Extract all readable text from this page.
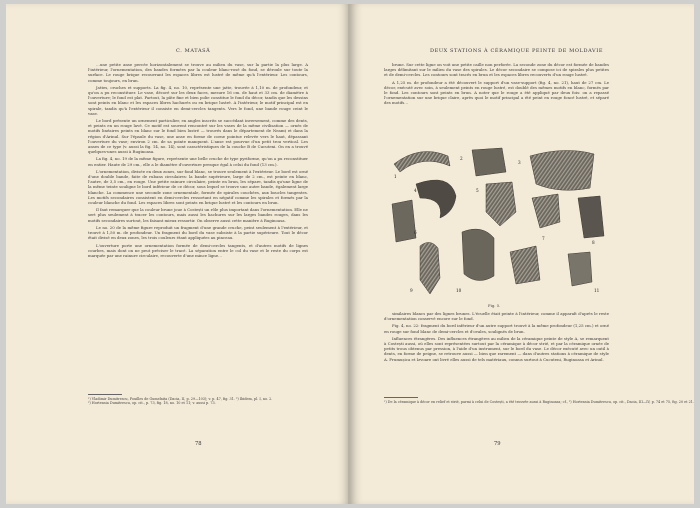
C. MATASĂ

…une petite anse percée horizontalement se trouve au milieu du vase, sur la partie la plus large. A l'intérieur, l'ornementation, des bandes formées par la couleur blanc-rosé du fond, se déroule sur toute la surface. Le rouge brique recouvrant les espaces libres est lustré de même qu'à l'extérieur. Les contours, comme toujours, en brun.

Jattes, cruches et supports. La fig. 4, no. 10, représente une jatte, trouvée à 1,10 m. de profondeur, et qu'on a pu reconstituer. Le vase, décoré sur les deux faces, mesure 16 cm. de haut et 33 cm. de diamètre à l'ouverture; le fond est plat. Partout, la pâte fine et bien polie constitue le fond du décor, tandis que les dessins sont peints en blanc et les espaces libres hachurés ou en brique lustré. A l'intérieur, le motif principal est en spirale, tandis qu'à l'extérieur il consiste en demi-cercles tangents. Vers le fond, une bande rouge ceint le vase.

Le bord présente un ornement particulier, en angles inscrits se succédant inversement, comme des dents, et peints en un rouge lavé. Ce motif est souvent rencontré sur les vases de la même civilisation — ornés de motifs linéaires peints en blanc sur le fond bien lustré — trouvés dans le département de Neamț et dans la région d'Arinul. Sur l'épaule du vase, une anse en forme de corne pointue relevée vers le haut, dépassant l'ouverture du vase; environ 2 cm. de sa pointe manquent. L'anse est pourvue d'un petit trou vertical. Les anses de ce type (v. aussi la fig. 14, no. 14), sont caractéristiques de la couche B de Cucuteni. On en a trouvé quelques-unes aussi à Ruginoasa.

La fig. 4, no. 19 de la même figure, représente une belle cruche de type pyriforme, qu'on a pu reconstituer en entier. Haute de 29 cm., elle a le diamètre d'ouverture presque égal à celui du fond (13 cm.).

L'ornementation, divisée en deux zones, sur fond blanc, se trouve seulement à l'extérieur. Le bord est orné d'une double bande, faite de rubans circulaires: la bande supérieure, large de 2 cm., est peinte en blanc, l'autre, de 3,5 cm., en rouge. Une petite rainure circulaire, peinte en brun, les sépare, tandis qu'une ligne de la même teinte souligne le bord inférieur de ce décor, sous lequel se trouve une autre bande, également large blanche. La commence une seconde zone ornementale, formée de spirales couchées, aux boucles tangentes. Les motifs secondaires consistent en demi-cercles ressortant en négatif comme les spirales et formés par la couleur blanche du fond. Les espaces libres sont peints en brique lustré et les contours en brun.

Il faut remarquer que la couleur brune joue à Costești un rôle plus important dans l'ornementation. Elle ne sert plus seulement à tracer les contours, mais aussi les hachures sur les larges bandes rouges, dans les motifs secondaires surtout, les faisant mieux ressortir. On observe aussi cette manière à Ruginoasa.

Le no. 20 de la même figure reproduit un fragment d'une grande cruche, peint seulement à l'extérieur, et trouvé à 1,50 m. de profondeur. Un fragment du bord du vase subsiste à la partie supérieure. Tout le décor était divisé en deux zones, les trois couleurs étant appliquées au pinceau.

L'ouverture porte une ornementation formée de demi-cercles tangents, et d'autres motifs de lignes courbes, mais dont on ne peut préciser le tracé. La séparation entre le col du vase et le reste du corps est marquée par une rainure circulaire, recouverte d'une mince ligne…

¹) Vladimir Dumitrescu, Fouilles de Gumelnița (Dacia, II, p. 29—103); v. p. 47, fig. 31. ³) Ibidem, pl. I, no. 2.
²) Hortensia Dumitrescu, op. cit., p. 73, fig. 18, no. 10 et 11; v. aussi p. 73.
78
DEUX STATIONS À CÉRAMIQUE PEINTE DE MOLDAVIE

brune. Sur cette ligne on voit une petite caille non perforée. La seconde zone du décor est formée de bandes larges délimitant sur le milieu du vase des spirales. Le décor secondaire se compose ici de spirales plus petites et de demi-cercles. Les contours sont tracés en brun et les espaces libres recouverts d'un rouge lustré.

A 1,25 m. de profondeur a été découvert le support d'un vase-support (fig. 4, no. 21), haut de 27 cm. Le décor, exécuté avec soin, à seulement peints en rouge lustré, est doublé des mêmes motifs en blanc, formés par le fond. Les contours sont peints en brun. A noter que le rouge a été appliqué par deux fois: on a repassé l'ornementation sur une brique claire, après quoi le motif principal a été peint en rouge foncé lustré, et séparé des motifs…

1
2
3
4	5
6
7
8
9	10	11
Fig. 5.

similaires blancs par des lignes brunes. L'écuelle était peinte à l'intérieur, comme il apparaît d'après le reste d'ornementation conservé encore sur le fond.

Fig. 4, no. 22: fragment du bord inférieur d'un autre support trouvé à la même profondeur (1,25 cm.) et orné en rouge sur fond blanc de demi-cercles et d'ovales, soulignés de brun.

Influences étrangères. Des influences étrangères au milieu de la céramique peinte de style A, se remarquent à Costești aussi, où elles sont représentées surtout par la céramique à décor strié, et par la céramique ornée de petits trous obtenus par pression, à l'aide d'un instrument, sur le bord du vase. Le décor exécuté avec un outil à dents, en forme de peigne, se retrouve aussi — bien que rarement — dans d'autres stations à céramique de style A. Frumușica et Izvoare ont livré elles aussi de tels matériaux, connus surtout à Cucuteni, Ruginoasa et Arinul.

¹) De la céramique à décor en relief et strié, parmi à celui de Costești, a été trouvée aussi à Ruginoasa; cf., ²) Hortensia Dumitrescu, op. cit., Dacia, III—IV, p. 74 et 75, fig. 20 et 21.
79
